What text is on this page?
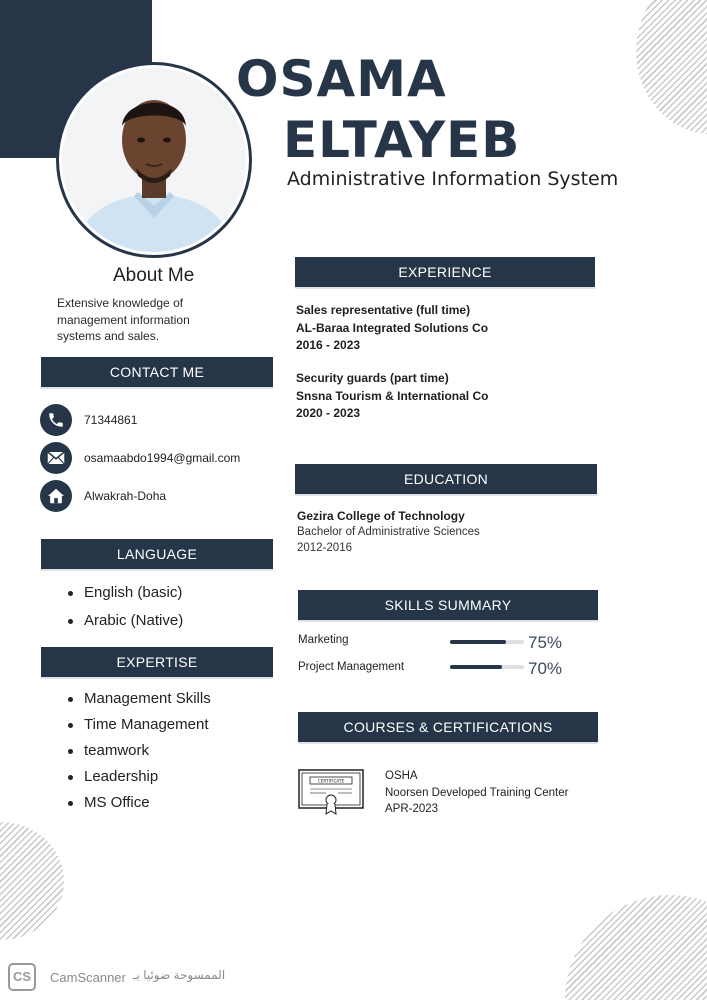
OSAMA
ELTAYEB
Administrative Information System
About Me
Extensive knowledge of management information systems and sales.
CONTACT ME
71344861
osamaabdo1994@gmail.com
Alwakrah-Doha
LANGUAGE
English (basic)
Arabic (Native)
EXPERTISE
Management Skills
Time Management
teamwork
Leadership
MS Office
EXPERIENCE
Sales representative (full time)
AL-Baraa Integrated Solutions Co
2016 - 2023
Security guards (part time)
Snsna Tourism & International Co
2020 - 2023
EDUCATION
Gezira College of Technology
Bachelor of Administrative Sciences
2012-2016
SKILLS SUMMARY
Marketing	75%
Project Management	70%
COURSES & CERTIFICATIONS
CERTIFICATE	OSHA
Noorsen Developed Training Center
APR-2023
CS	CamScanner الممسوحة ضوئيا بـ
